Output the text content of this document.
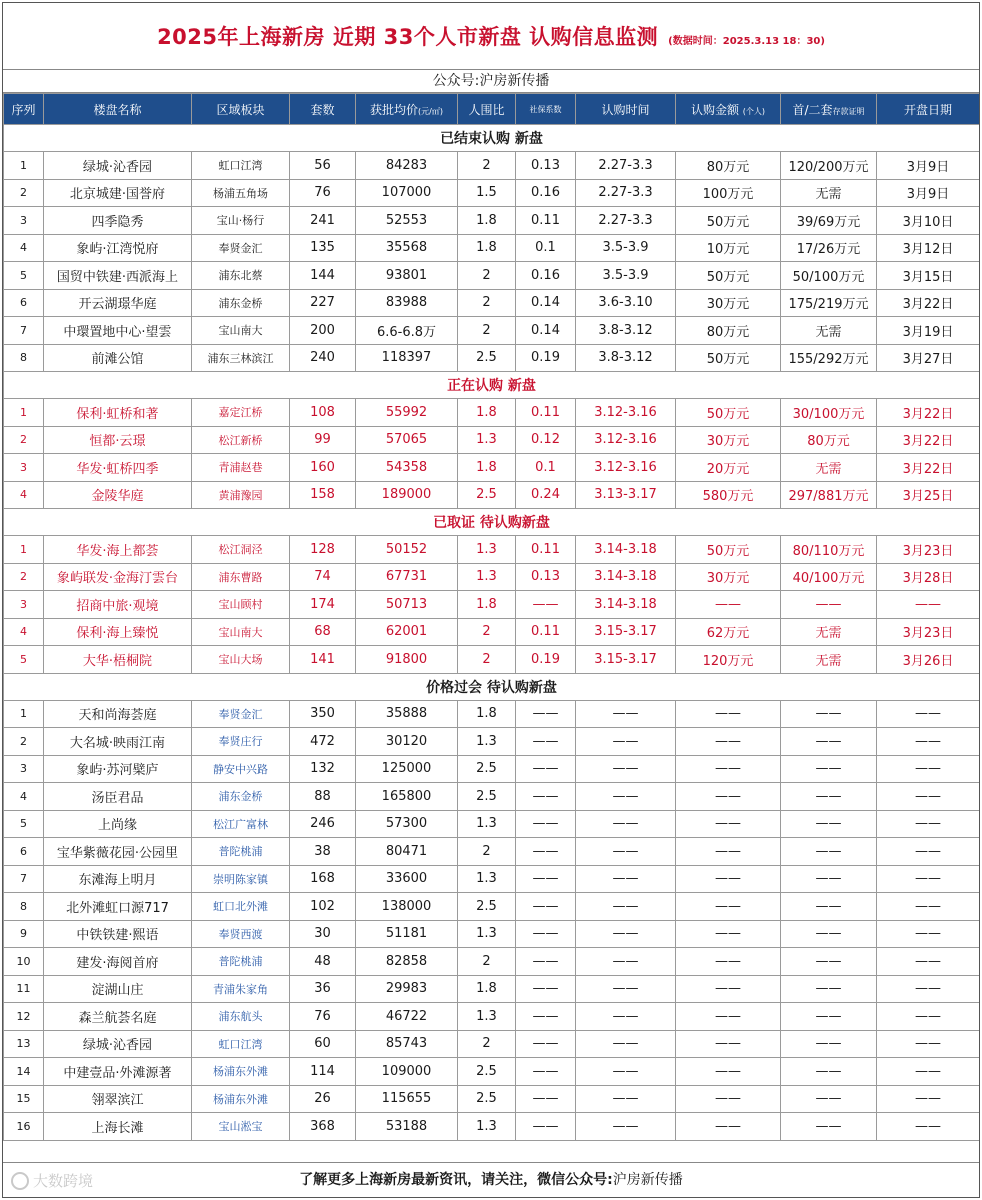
2025年上海新房 近期 33个人市新盘 认购信息监测 (数据时间：2025.3.13 18：30)
公众号:沪房新传播
序列	楼盘名称	区域板块	套数	获批均价(元/㎡)	人围比	社保系数	认购时间	认购金额 (个人)	首/二套存款证明	开盘日期
已结束认购 新盘										
1	绿城·沁香园	虹口江湾	56	84283	2	0.13	2.27-3.3	80万元	120/200万元	3月9日
2	北京城建·国誉府	杨浦五角场	76	107000	1.5	0.16	2.27-3.3	100万元	无需	3月9日
3	四季隐秀	宝山·杨行	241	52553	1.8	0.11	2.27-3.3	50万元	39/69万元	3月10日
4	象屿·江湾悦府	奉贤金汇	135	35568	1.8	0.1	3.5-3.9	10万元	17/26万元	3月12日
5	国贸中铁建·西派海上	浦东北蔡	144	93801	2	0.16	3.5-3.9	50万元	50/100万元	3月15日
6	开云湖璟华庭	浦东金桥	227	83988	2	0.14	3.6-3.10	30万元	175/219万元	3月22日
7	中環置地中心·望雲	宝山南大	200	6.6-6.8万	2	0.14	3.8-3.12	80万元	无需	3月19日
8	前滩公馆	浦东三林滨江	240	118397	2.5	0.19	3.8-3.12	50万元	155/292万元	3月27日
正在认购 新盘										
1	保利·虹桥和著	嘉定江桥	108	55992	1.8	0.11	3.12-3.16	50万元	30/100万元	3月22日
2	恒都·云璟	松江新桥	99	57065	1.3	0.12	3.12-3.16	30万元	80万元	3月22日
3	华发·虹桥四季	青浦赵巷	160	54358	1.8	0.1	3.12-3.16	20万元	无需	3月22日
4	金陵华庭	黄浦豫园	158	189000	2.5	0.24	3.13-3.17	580万元	297/881万元	3月25日
已取证 待认购新盘										
1	华发·海上都荟	松江洞泾	128	50152	1.3	0.11	3.14-3.18	50万元	80/110万元	3月23日
2	象屿联发·金海汀雲台	浦东曹路	74	67731	1.3	0.13	3.14-3.18	30万元	40/100万元	3月28日
3	招商中旅·观境	宝山顾村	174	50713	1.8	——	3.14-3.18	——	——	——
4	保利·海上臻悦	宝山南大	68	62001	2	0.11	3.15-3.17	62万元	无需	3月23日
5	大华·梧桐院	宝山大场	141	91800	2	0.19	3.15-3.17	120万元	无需	3月26日
价格过会 待认购新盘										
1	天和尚海荟庭	奉贤金汇	350	35888	1.8	——	——	——	——	——
2	大名城·映雨江南	奉贤庄行	472	30120	1.3	——	——	——	——	——
3	象屿·苏河檗庐	静安中兴路	132	125000	2.5	——	——	——	——	——
4	汤臣君品	浦东金桥	88	165800	2.5	——	——	——	——	——
5	上尚缘	松江广富林	246	57300	1.3	——	——	——	——	——
6	宝华紫薇花园·公园里	普陀桃浦	38	80471	2	——	——	——	——	——
7	东滩海上明月	崇明陈家镇	168	33600	1.3	——	——	——	——	——
8	北外滩虹口源717	虹口北外滩	102	138000	2.5	——	——	——	——	——
9	中铁铁建·熙语	奉贤西渡	30	51181	1.3	——	——	——	——	——
10	建发·海阅首府	普陀桃浦	48	82858	2	——	——	——	——	——
11	淀湖山庄	青浦朱家角	36	29983	1.8	——	——	——	——	——
12	森兰航荟名庭	浦东航头	76	46722	1.3	——	——	——	——	——
13	绿城·沁香园	虹口江湾	60	85743	2	——	——	——	——	——
14	中建壹品·外滩源著	杨浦东外滩	114	109000	2.5	——	——	——	——	——
15	翎翠滨江	杨浦东外滩	26	115655	2.5	——	——	——	——	——
16	上海长滩	宝山淞宝	368	53188	1.3	——	——	——	——	——
了解更多上海新房最新资讯，请关注，微信公众号:沪房新传播
大数跨境
